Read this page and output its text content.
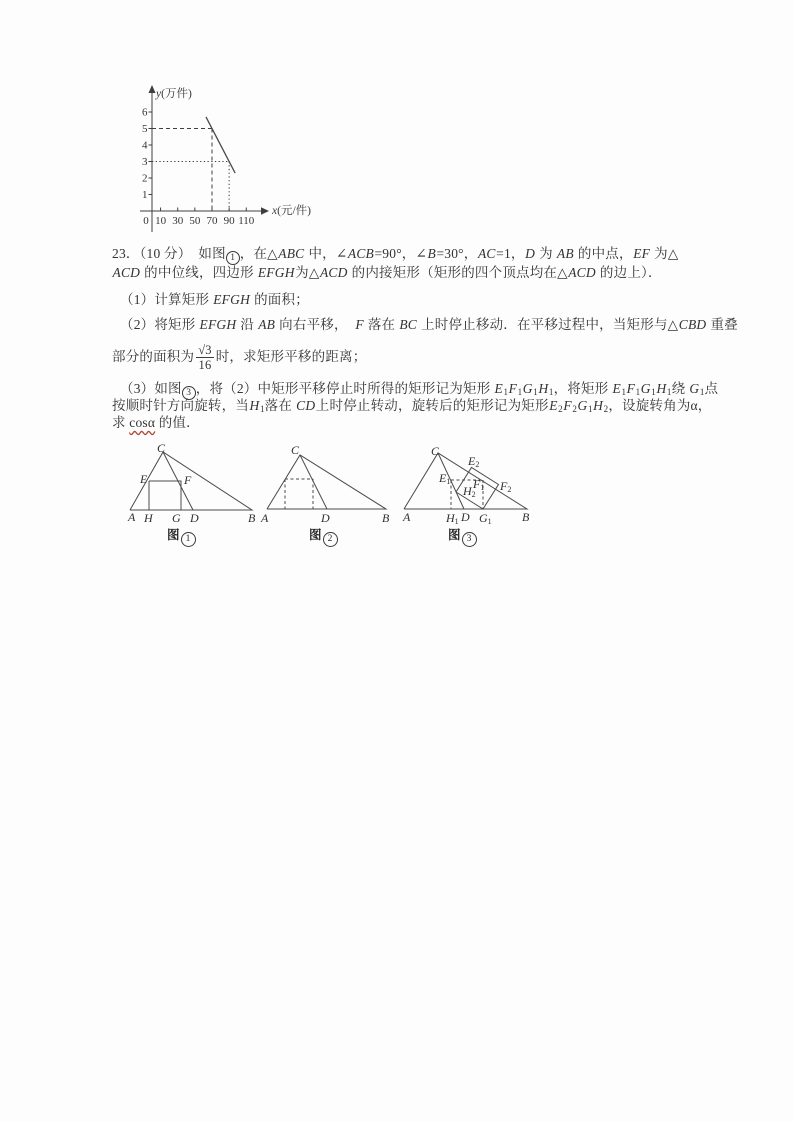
1
2
3
4
5
6
10 30 50 70 90 110
0
y(万件)
x(元/件)
23．（10 分）　如图 1 ，在△ABC 中，∠ACB=90°，∠B=30°，AC=1，D 为 AB 的中点，EF 为△
ACD 的中位线，四边形 EFGH为△ACD 的内接矩形（矩形的四个顶点均在△ACD 的边上）．
（1）计算矩形 EFGH 的面积；
（2）将矩形 EFGH 沿 AB 向右平移，  F 落在 BC 上时停止移动．在平移过程中，当矩形与△CBD 重叠
部分的面积为 $\frac{√3}{16}$ 时，求矩形平移的距离；
（3）如图 3 ，将（2）中矩形平移停止时所得的矩形记为矩形 $E_1F_1G_1H_1$，将矩形 $E_1F_1G_1H_1$绕 $G_1$点
按顺时针方向旋转，当$H_1$落在 CD上时停止转动，旋转后的矩形记为矩形$E_2F_2G_1H_2$，设旋转角为α，
求 cosα 的值．
C
E	F
A H G D	B
C
A	D	B
C
$E_2$
$E_1$ $F_1$
$H_2$
$F_2$
A	$H_1$ D $G_1$	B
图 1	图 2	图 3
